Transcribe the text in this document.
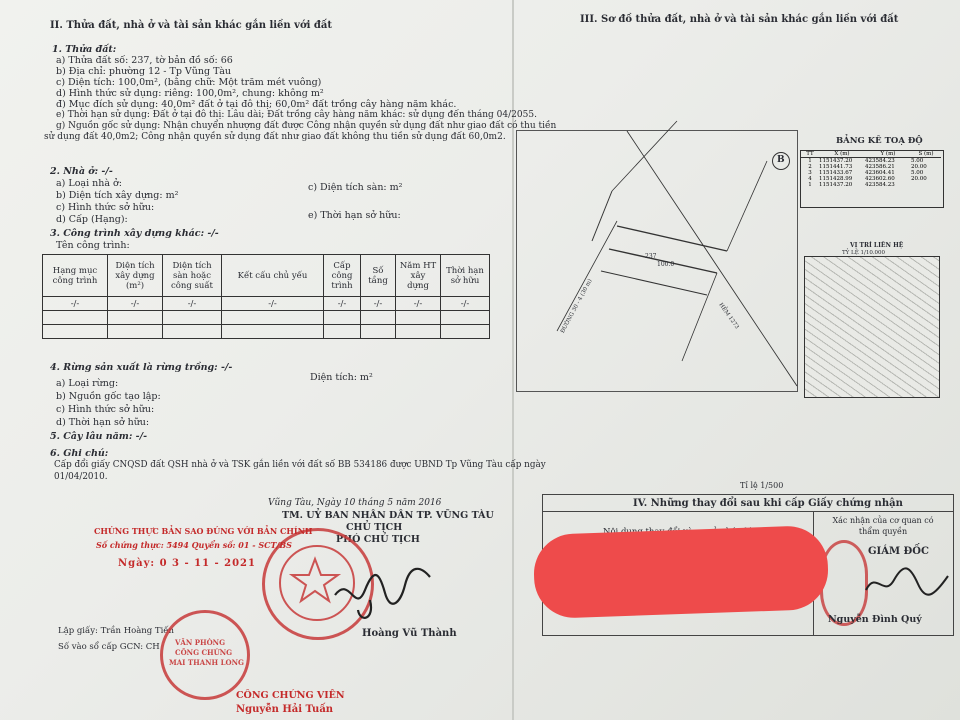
II. Thửa đất, nhà ở và tài sản khác gắn liền với đất
1. Thửa đất:
a) Thửa đất số: 237, tờ bản đồ số: 66
b) Địa chỉ: phường 12 - Tp Vũng Tàu
c) Diện tích: 100,0m², (bằng chữ: Một trăm mét vuông)
d) Hình thức sử dụng: riêng: 100,0m², chung: không m²
đ) Mục đích sử dụng: 40,0m² đất ở tại đô thị; 60,0m² đất trồng cây hàng năm khác.
e) Thời hạn sử dụng: Đất ở tại đô thị: Lâu dài; Đất trồng cây hàng năm khác: sử dụng đến tháng 04/2055.
g) Nguồn gốc sử dụng: Nhận chuyển nhượng đất được Công nhận quyền sử dụng đất như giao đất có thu tiền
sử dụng đất 40,0m2; Công nhận quyền sử dụng đất như giao đất không thu tiền sử dụng đất 60,0m2.
2. Nhà ở: -/-
a) Loại nhà ở:
b) Diện tích xây dựng: m²
c) Hình thức sở hữu:
d) Cấp (Hạng):
c) Diện tích sàn: m²
e) Thời hạn sở hữu:
3. Công trình xây dựng khác: -/-
Tên công trình:
Hạng mục công trình	Diện tích xây dựng (m²)	Diện tích sàn hoặc công suất	Kết cấu chủ yếu	Cấp công trình	Số tầng	Năm HT xây dựng	Thời hạn sở hữu
-/-	-/-	-/-	-/-	-/-	-/-	-/-	-/-

4. Rừng sản xuất là rừng trồng: -/-
Diện tích: m²
a) Loại rừng:
b) Nguồn gốc tạo lập:
c) Hình thức sở hữu:
d) Thời hạn sở hữu:
5. Cây lâu năm: -/-
6. Ghi chú:
Cấp đổi giấy CNQSD đất QSH nhà ở và TSK gắn liền với đất số BB 534186 được UBND Tp Vũng Tàu cấp ngày
01/04/2010.
Vũng Tàu, Ngày 10 tháng 5 năm 2016
TM. UỶ BAN NHÂN DÂN TP. VŨNG TÀU
CHỦ TỊCH
PHÓ CHỦ TỊCH
Hoàng Vũ Thành
CHỨNG THỰC BẢN SAO ĐÚNG VỚI BẢN CHÍNH
Số chứng thực: 5494 Quyển số: 01 - SCT/BS
Ngày: 0 3 - 11 - 2021
Lập giấy: Trần Hoàng Tiến
Số vào sổ cấp GCN: CH VĂN PHÒNG
CÔNG CHỨNG
MAI THANH LONG
CÔNG CHỨNG VIÊN
Nguyễn Hải Tuấn
III. Sơ đồ thửa đất, nhà ở và tài sản khác gắn liền với đất
237
100.0
ĐƯỜNG 30 - 4 (30 m)	HẺM 1273
B
BẢNG KÊ TOẠ ĐỘ
TT	X (m)	Y (m)	S (m)
1	1151437.20	423584.23	5.00
2	1151441.73	423586.21	20.00
3	1151433.67	423604.41	5.00
4	1151428.99	423602.60	20.00
1	1151437.20	423584.23
VỊ TRÍ LIÊN HỆ
TỶ LỆ 1/10.000
Tỉ lệ 1/500
IV. Những thay đổi sau khi cấp Giấy chứng nhận
Xác nhận của cơ quan có thẩm quyền
GIÁM ĐỐC
Nguyễn Đình Quý
